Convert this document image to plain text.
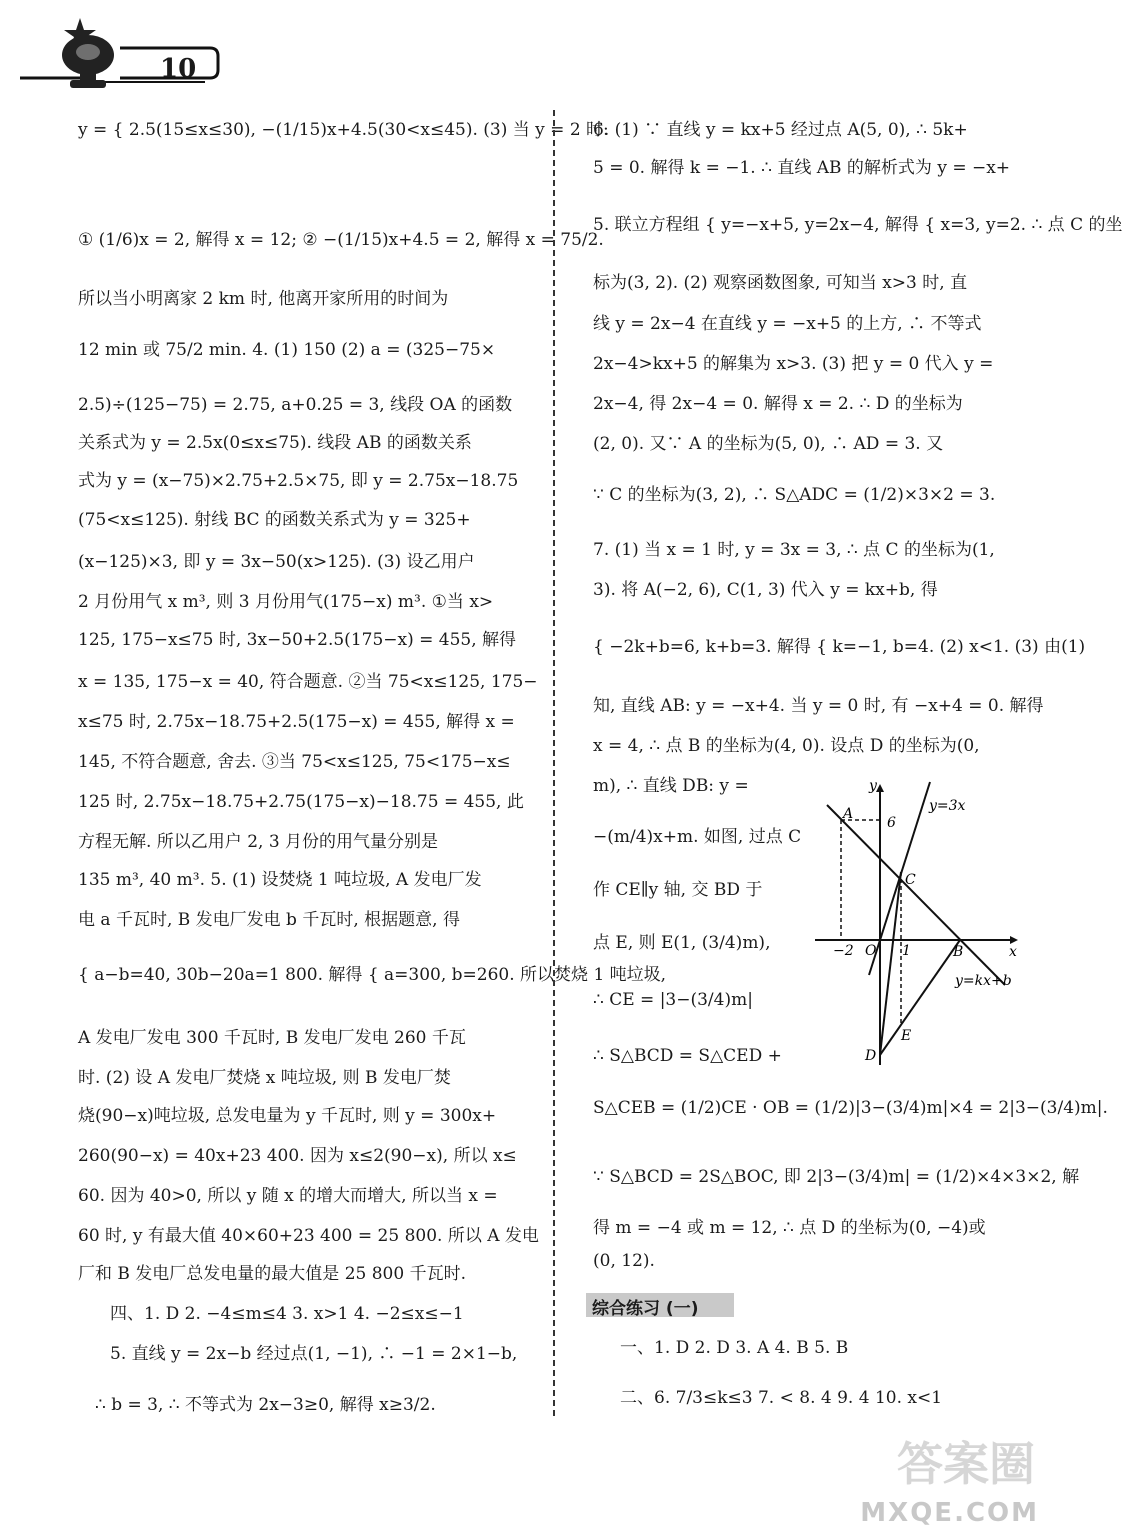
10
y = { 2.5(15≤x≤30), −(1/15)x+4.5(30<x≤45). (3) 当 y = 2 时:
① (1/6)x = 2, 解得 x = 12; ② −(1/15)x+4.5 = 2, 解得 x = 75/2.
所以当小明离家 2 km 时, 他离开家所用的时间为
12 min 或 75/2 min. 4. (1) 150 (2) a = (325−75×
2.5)÷(125−75) = 2.75, a+0.25 = 3, 线段 OA 的函数
关系式为 y = 2.5x(0≤x≤75). 线段 AB 的函数关系
式为 y = (x−75)×2.75+2.5×75, 即 y = 2.75x−18.75
(75<x≤125). 射线 BC 的函数关系式为 y = 325+
(x−125)×3, 即 y = 3x−50(x>125). (3) 设乙用户
2 月份用气 x m³, 则 3 月份用气(175−x) m³. ①当 x>
125, 175−x≤75 时, 3x−50+2.5(175−x) = 455, 解得
x = 135, 175−x = 40, 符合题意. ②当 75<x≤125, 175−
x≤75 时, 2.75x−18.75+2.5(175−x) = 455, 解得 x =
145, 不符合题意, 舍去. ③当 75<x≤125, 75<175−x≤
125 时, 2.75x−18.75+2.75(175−x)−18.75 = 455, 此
方程无解. 所以乙用户 2, 3 月份的用气量分别是
135 m³, 40 m³. 5. (1) 设焚烧 1 吨垃圾, A 发电厂发
电 a 千瓦时, B 发电厂发电 b 千瓦时, 根据题意, 得
{ a−b=40, 30b−20a=1 800. 解得 { a=300, b=260. 所以焚烧 1 吨垃圾,
A 发电厂发电 300 千瓦时, B 发电厂发电 260 千瓦
时. (2) 设 A 发电厂焚烧 x 吨垃圾, 则 B 发电厂焚
烧(90−x)吨垃圾, 总发电量为 y 千瓦时, 则 y = 300x+
260(90−x) = 40x+23 400. 因为 x≤2(90−x), 所以 x≤
60. 因为 40>0, 所以 y 随 x 的增大而增大, 所以当 x =
60 时, y 有最大值 40×60+23 400 = 25 800. 所以 A 发电
厂和 B 发电厂总发电量的最大值是 25 800 千瓦时.
四、1. D 2. −4≤m≤4 3. x>1 4. −2≤x≤−1
5. 直线 y = 2x−b 经过点(1, −1), ∴ −1 = 2×1−b,
∴ b = 3, ∴ 不等式为 2x−3≥0, 解得 x≥3/2.
6. (1) ∵ 直线 y = kx+5 经过点 A(5, 0), ∴ 5k+
5 = 0. 解得 k = −1. ∴ 直线 AB 的解析式为 y = −x+
5. 联立方程组 { y=−x+5, y=2x−4, 解得 { x=3, y=2. ∴ 点 C 的坐
标为(3, 2). (2) 观察函数图象, 可知当 x>3 时, 直
线 y = 2x−4 在直线 y = −x+5 的上方, ∴ 不等式
2x−4>kx+5 的解集为 x>3. (3) 把 y = 0 代入 y =
2x−4, 得 2x−4 = 0. 解得 x = 2. ∴ D 的坐标为
(2, 0). 又∵ A 的坐标为(5, 0), ∴ AD = 3. 又
∵ C 的坐标为(3, 2), ∴ S△ADC = (1/2)×3×2 = 3.
7. (1) 当 x = 1 时, y = 3x = 3, ∴ 点 C 的坐标为(1,
3). 将 A(−2, 6), C(1, 3) 代入 y = kx+b, 得
{ −2k+b=6, k+b=3. 解得 { k=−1, b=4. (2) x<1. (3) 由(1)
知, 直线 AB: y = −x+4. 当 y = 0 时, 有 −x+4 = 0. 解得
x = 4, ∴ 点 B 的坐标为(4, 0). 设点 D 的坐标为(0,
m), ∴ 直线 DB: y =
−(m/4)x+m. 如图, 过点 C
作 CE∥y 轴, 交 BD 于
点 E, 则 E(1, (3/4)m),
∴ CE = |3−(3/4)m|
∴ S△BCD = S△CED +
S△CEB = (1/2)CE · OB = (1/2)|3−(3/4)m|×4 = 2|3−(3/4)m|.
∵ S△BCD = 2S△BOC, 即 2|3−(3/4)m| = (1/2)×4×3×2, 解
得 m = −4 或 m = 12, ∴ 点 D 的坐标为(0, −4)或
(0, 12).
综合练习 (一)
一、1. D 2. D 3. A 4. B 5. B
二、6. 7/3≤k≤3 7. < 8. 4 9. 4 10. x<1
y
x
y=3x
y=kx+b
6
−2 O 1
A
B
C
D
E
答案圈
MXQE.COM
